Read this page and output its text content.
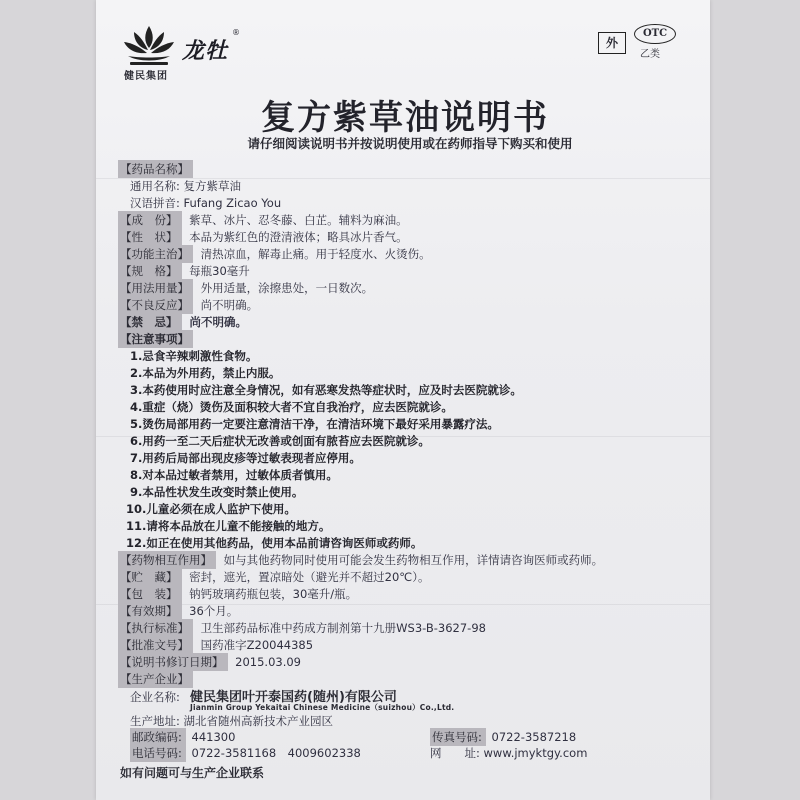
龙牡
®
健民集团
外
OTC
乙类
复方紫草油说明书
请仔细阅读说明书并按说明使用或在药师指导下购买和使用
【药品名称】
通用名称: 复方紫草油
汉语拼音: Fufang Zicao You
【成　份】 紫草、冰片、忍冬藤、白芷。辅料为麻油。
【性　状】 本品为紫红色的澄清液体；略具冰片香气。
【功能主治】 清热凉血，解毒止痛。用于轻度水、火烫伤。
【规　格】 每瓶30毫升
【用法用量】 外用适量，涂擦患处，一日数次。
【不良反应】 尚不明确。
【禁　忌】 尚不明确。
【注意事项】
1.忌食辛辣刺激性食物。
2.本品为外用药，禁止内服。
3.本药使用时应注意全身情况，如有恶寒发热等症状时，应及时去医院就诊。
4.重症（烧）烫伤及面积较大者不宜自我治疗，应去医院就诊。
5.烫伤局部用药一定要注意清洁干净，在清洁环境下最好采用暴露疗法。
6.用药一至二天后症状无改善或创面有脓苔应去医院就诊。
7.用药后局部出现皮疹等过敏表现者应停用。
8.对本品过敏者禁用，过敏体质者慎用。
9.本品性状发生改变时禁止使用。
10.儿童必须在成人监护下使用。
11.请将本品放在儿童不能接触的地方。
12.如正在使用其他药品，使用本品前请咨询医师或药师。
【药物相互作用】 如与其他药物同时使用可能会发生药物相互作用，详情请咨询医师或药师。
【贮　藏】 密封，遮光，置凉暗处（避光并不超过20℃）。
【包　装】 钠钙玻璃药瓶包装，30毫升/瓶。
【有效期】 36个月。
【执行标准】 卫生部药品标准中药成方制剂第十九册WS3-B-3627-98
【批准文号】 国药准字Z20044385
【说明书修订日期】 2015.03.09
【生产企业】
企业名称: 健民集团叶开泰国药(随州)有限公司
Jianmin Group Yekaitai Chinese Medicine（suizhou）Co.,Ltd.
生产地址: 湖北省随州高新技术产业园区
邮政编码: 441300
电话号码: 0722-3581168　4009602338
传真号码: 0722-3587218
网　　址: www.jmyktgy.com
如有问题可与生产企业联系
